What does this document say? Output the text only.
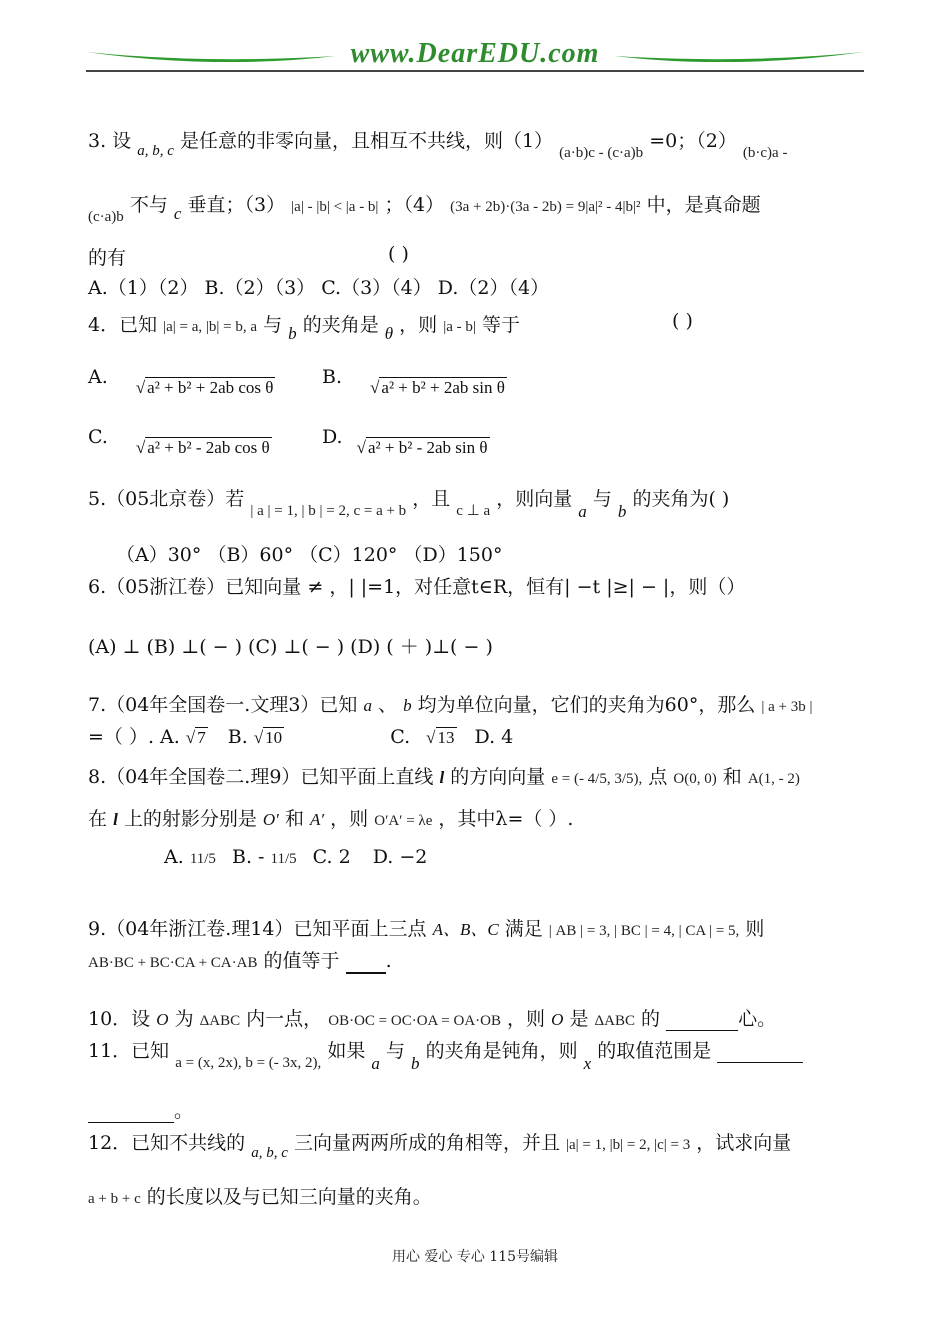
www.DearEDU.com
3. 设 $_{a, b, c}$ 是任意的非零向量，且相互不共线，则（1） $_{(a\cdot b)c - (c\cdot a)b}$ =0；（2） $_{(b\cdot c)a -}$
$_{(c\cdot a)b}$ 不与 c 垂直；（3） |a| - |b| < |a - b| ；（4） (3a + 2b)·(3a - 2b) = 9|a|² - 4|b|² 中，是真命题
的有	( )
A.（1）（2） B.（2）（3） C.（3）（4） D.（2）（4）
4．已知 |a| = a, |b| = b, a 与 b 的夹角是 θ ，则 |a - b| 等于	( )
A. √ a² + b² + 2ab cos θ	B. √ a² + b² + 2ab sin θ
C. √ a² + b² - 2ab cos θ	D. √ a² + b² - 2ab sin θ
5.（05北京卷）若 $_{| a | = 1, | b | = 2, c = a + b}$ ，且 $_{c \perp a}$ ，则向量 a 与 b 的夹角为( )
（A）30° （B）60° （C）120° （D）150°
6.（05浙江卷）已知向量 ≠ ，| |=1，对任意t∈R，恒有| −t |≥| − |，则（）
(A) ⊥ (B) ⊥( − ) (C) ⊥( − ) (D) ( ＋ )⊥( − )
7.（04年全国卷一.文理3）已知 a 、 b 均为单位向量，它们的夹角为60°，那么 | a + 3b |
=（ ）. A. √ 7 B. √ 10	C. √ 13 D. 4
8.（04年全国卷二.理9）已知平面上直线 l 的方向向量 e = (- 4/5, 3/5), 点 O(0, 0) 和 A(1, - 2)
在 l 上的射影分别是 O′ 和 A′ ，则 O′A′ = λe ，其中λ=（ ）.
A. 11/5 B. - 11/5 C. 2 D. −2
9.（04年浙江卷.理14）已知平面上三点 A、B、C 满足 | AB | = 3, | BC | = 4, | CA | = 5, 则
AB·BC + BC·CA + CA·AB 的值等于 .
10．设 O 为 ΔABC 内一点， OB·OC = OC·OA = OA·OB ，则 O 是 ΔABC 的	心。
11．已知 $_{a = (x, 2x), b = (- 3x, 2),}$ 如果 a 与 b 的夹角是钝角，则 x 的取值范围是
。
12．已知不共线的 $_{a, b, c}$ 三向量两两所成的角相等，并且 |a| = 1, |b| = 2, |c| = 3 ，试求向量
a + b + c 的长度以及与已知三向量的夹角。
用心 爱心 专心 115号编辑
